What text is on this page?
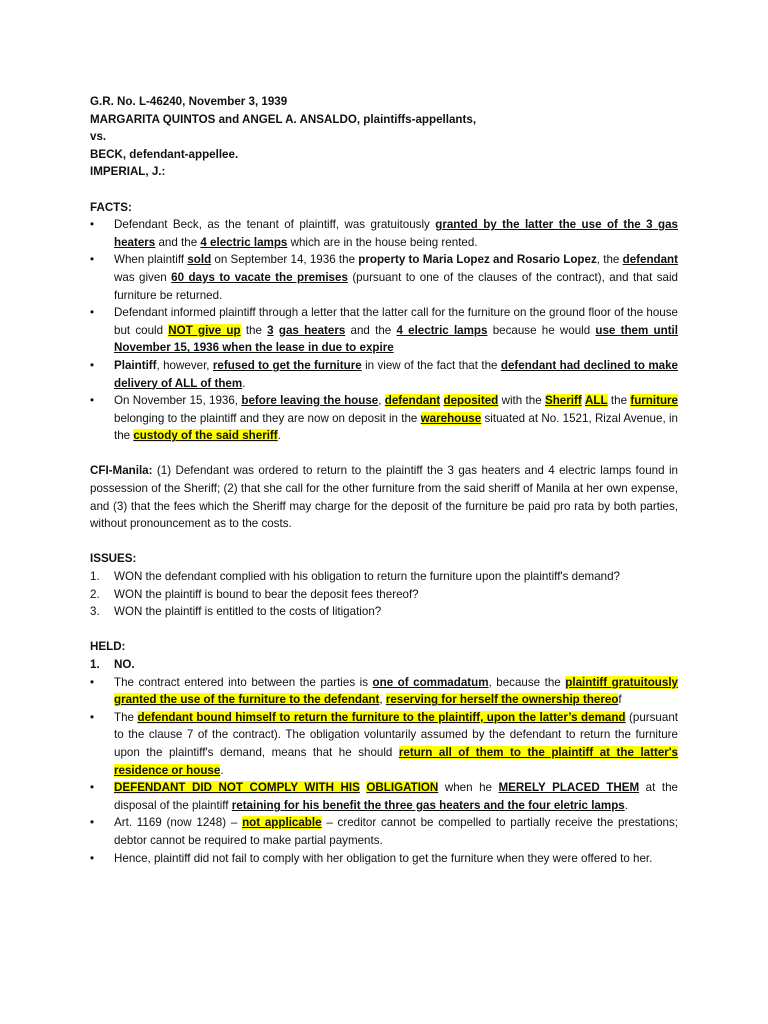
G.R. No. L-46240, November 3, 1939

MARGARITA QUINTOS and ANGEL A. ANSALDO, plaintiffs-appellants,

vs.

BECK, defendant-appellee.

IMPERIAL, J.:

FACTS:

•	Defendant Beck, as the tenant of plaintiff, was gratuitously granted by the latter the use of the 3 gas heaters and the 4 electric lamps which are in the house being rented.
•	When plaintiff sold on September 14, 1936 the property to Maria Lopez and Rosario Lopez, the defendant was given 60 days to vacate the premises (pursuant to one of the clauses of the contract), and that said furniture be returned.
•	Defendant informed plaintiff through a letter that the latter call for the furniture on the ground floor of the house but could NOT give up the 3 gas heaters and the 4 electric lamps because he would use them until November 15, 1936 when the lease in due to expire
•	Plaintiff, however, refused to get the furniture in view of the fact that the defendant had declined to make delivery of ALL of them.
•	On November 15, 1936, before leaving the house, defendant deposited with the Sheriff ALL the furniture belonging to the plaintiff and they are now on deposit in the warehouse situated at No. 1521, Rizal Avenue, in the custody of the said sheriff.

CFI-Manila: (1) Defendant was ordered to return to the plaintiff the 3 gas heaters and 4 electric lamps found in possession of the Sheriff; (2) that she call for the other furniture from the said sheriff of Manila at her own expense, and (3) that the fees which the Sheriff may charge for the deposit of the furniture be paid pro rata by both parties, without pronouncement as to the costs.

ISSUES:

1.	WON the defendant complied with his obligation to return the furniture upon the plaintiff's demand?
2.	WON the plaintiff is bound to bear the deposit fees thereof?
3.	WON the plaintiff is entitled to the costs of litigation?

HELD:

1.	NO.
•	The contract entered into between the parties is one of commadatum, because the plaintiff gratuitously granted the use of the furniture to the defendant, reserving for herself the ownership thereof
•	The defendant bound himself to return the furniture to the plaintiff, upon the latter’s demand (pursuant to the clause 7 of the contract). The obligation voluntarily assumed by the defendant to return the furniture upon the plaintiff's demand, means that he should return all of them to the plaintiff at the latter's residence or house.
•	DEFENDANT DID NOT COMPLY WITH HIS OBLIGATION when he MERELY PLACED THEM at the disposal of the plaintiff retaining for his benefit the three gas heaters and the four eletric lamps.
•	Art. 1169 (now 1248) – not applicable – creditor cannot be compelled to partially receive the prestations; debtor cannot be required to make partial payments.
•	Hence, plaintiff did not fail to comply with her obligation to get the furniture when they were offered to her.
